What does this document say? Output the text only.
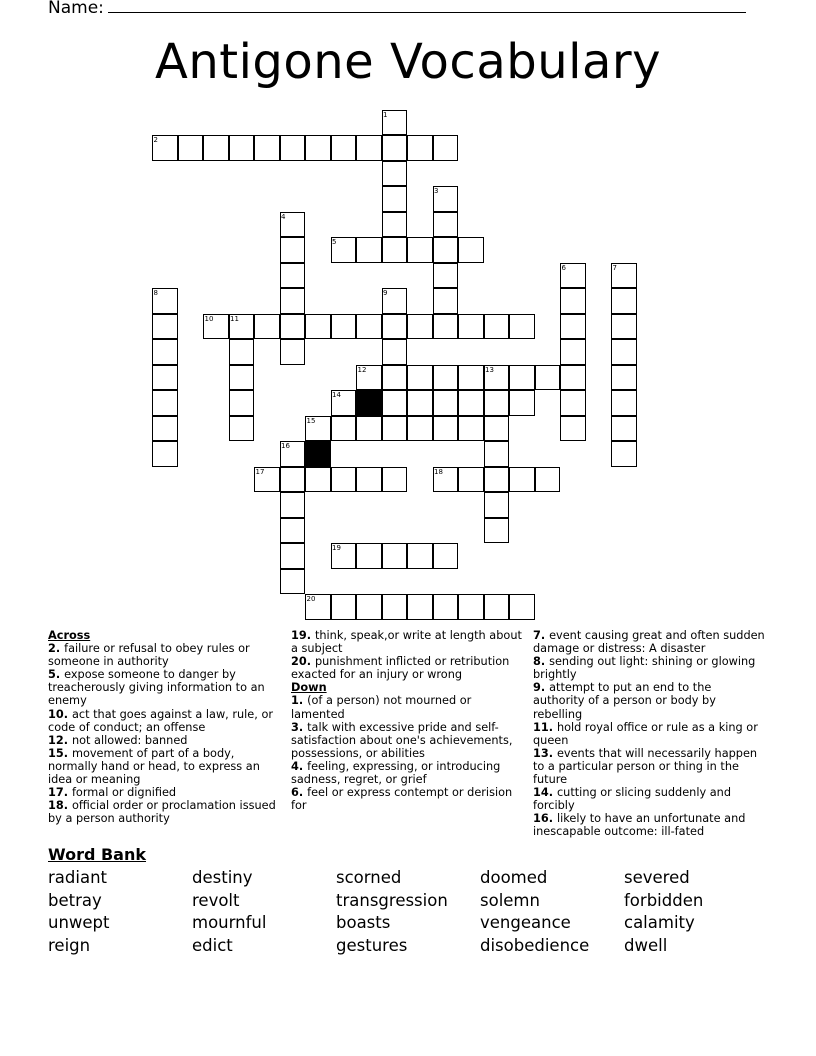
Name:
Antigone Vocabulary
1
2
3
4
5
6	7
8	9
10 11
12	13
14
15
16
17	18
19
20
Across
2. failure or refusal to obey rules or someone in authority
5. expose someone to danger by treacherously giving information to an enemy
10. act that goes against a law, rule, or code of conduct; an offense
12. not allowed: banned
15. movement of part of a body, normally hand or head, to express an idea or meaning
17. formal or dignified
18. official order or proclamation issued by a person authority
19. think, speak,or write at length about a subject
20. punishment inflicted or retribution exacted for an injury or wrong
Down
1. (of a person) not mourned or lamented
3. talk with excessive pride and self-satisfaction about one's achievements, possessions, or abilities
4. feeling, expressing, or introducing sadness, regret, or grief
6. feel or express contempt or derision for
7. event causing great and often sudden damage or distress: A disaster
8. sending out light: shining or glowing brightly
9. attempt to put an end to the authority of a person or body by rebelling
11. hold royal office or rule as a king or queen
13. events that will necessarily happen to a particular person or thing in the future
14. cutting or slicing suddenly and forcibly
16. likely to have an unfortunate and inescapable outcome: ill-fated
Word Bank
radiant
betray
unwept
reign
destiny
revolt
mournful
edict
scorned
transgression
boasts
gestures
doomed
solemn
vengeance
disobedience
severed
forbidden
calamity
dwell
